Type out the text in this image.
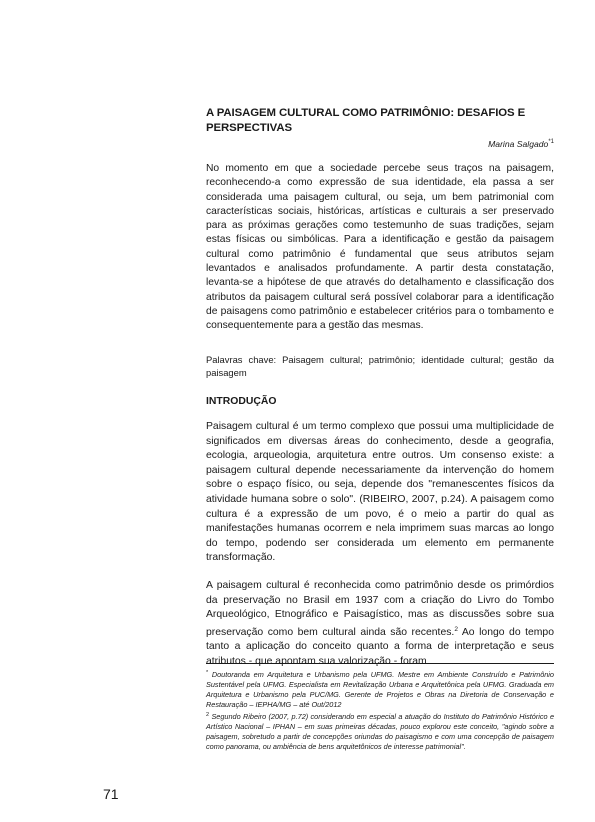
A PAISAGEM CULTURAL COMO PATRIMÔNIO: DESAFIOS E PERSPECTIVAS
Marina Salgado$^{*1}$

No momento em que a sociedade percebe seus traços na paisagem, reconhecendo-a como expressão de sua identidade, ela passa a ser considerada uma paisagem cultural, ou seja, um bem patrimonial com características sociais, históricas, artísticas e culturais a ser preservado para as próximas gerações como testemunho de suas tradições, sejam estas físicas ou simbólicas. Para a identificação e gestão da paisagem cultural como patrimônio é fundamental que seus atributos sejam levantados e analisados profundamente. A partir desta constatação, levanta-se a hipótese de que através do detalhamento e classificação dos atributos da paisagem cultural será possível colaborar para a identificação de paisagens como patrimônio e estabelecer critérios para o tombamento e consequentemente para a gestão das mesmas.

Palavras chave: Paisagem cultural; patrimônio; identidade cultural; gestão da paisagem

INTRODUÇÃO

Paisagem cultural é um termo complexo que possui uma multiplicidade de significados em diversas áreas do conhecimento, desde a geografia, ecologia, arqueologia, arquitetura entre outros. Um consenso existe: a paisagem cultural depende necessariamente da intervenção do homem sobre o espaço físico, ou seja, depende dos "remanescentes físicos da atividade humana sobre o solo". (RIBEIRO, 2007, p.24). A paisagem como cultura é a expressão de um povo, é o meio a partir do qual as manifestações humanas ocorrem e nela imprimem suas marcas ao longo do tempo, podendo ser considerada um elemento em permanente transformação.

A paisagem cultural é reconhecida como patrimônio desde os primórdios da preservação no Brasil em 1937 com a criação do Livro do Tombo Arqueológico, Etnográfico e Paisagístico, mas as discussões sobre sua preservação como bem cultural ainda são recentes.$^2$ Ao longo do tempo tanto a aplicação do conceito quanto a forma de interpretação e seus atributos - que apontam sua valorização - foram

* Doutoranda em Arquitetura e Urbanismo pela UFMG. Mestre em Ambiente Construído e Patrimônio Sustentável pela UFMG. Especialista em Revitalização Urbana e Arquitetônica pela UFMG. Graduada em Arquitetura e Urbanismo pela PUC/MG. Gerente de Projetos e Obras na Diretoria de Conservação e Restauração – IEPHA/MG – até Out/2012

$^2$ Segundo Ribeiro (2007, p.72) considerando em especial a atuação do Instituto do Patrimônio Histórico e Artístico Nacional – IPHAN – em suas primeiras décadas, pouco explorou este conceito, "agindo sobre a paisagem, sobretudo a partir de concepções oriundas do paisagismo e com uma concepção de paisagem como panorama, ou ambiência de bens arquitetônicos de interesse patrimonial".

71
